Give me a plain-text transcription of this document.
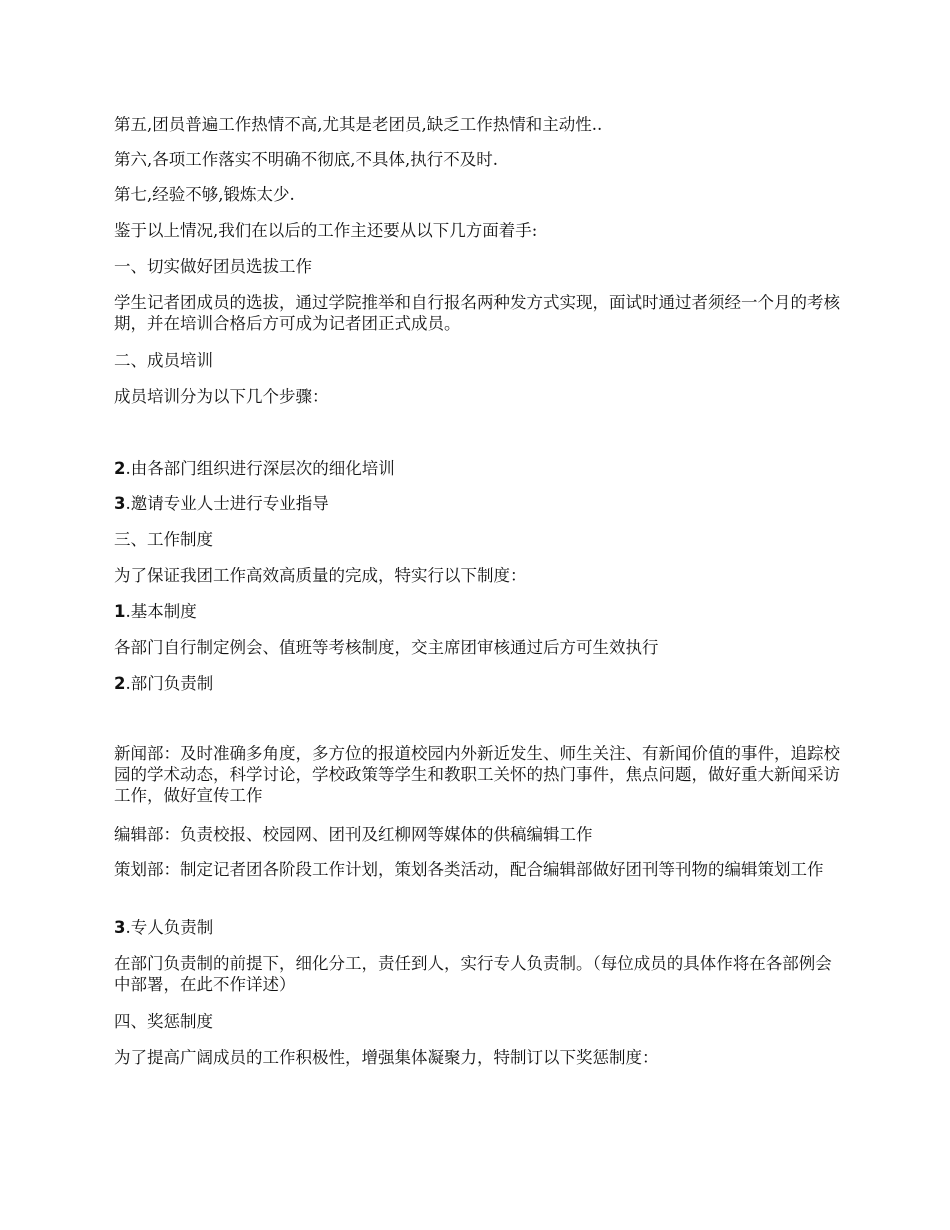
第五,团员普遍工作热情不高,尤其是老团员,缺乏工作热情和主动性..
第六,各项工作落实不明确不彻底,不具体,执行不及时.
第七,经验不够,锻炼太少.
鉴于以上情况,我们在以后的工作主还要从以下几方面着手:
一、切实做好团员选拔工作
学生记者团成员的选拔，通过学院推举和自行报名两种发方式实现，面试时通过者须经一个月的考核期，并在培训合格后方可成为记者团正式成员。
二、成员培训
成员培训分为以下几个步骤：
2.由各部门组织进行深层次的细化培训
3.邀请专业人士进行专业指导
三、工作制度
为了保证我团工作高效高质量的完成，特实行以下制度：
1.基本制度
各部门自行制定例会、值班等考核制度，交主席团审核通过后方可生效执行
2.部门负责制
新闻部：及时准确多角度，多方位的报道校园内外新近发生、师生关注、有新闻价值的事件，追踪校园的学术动态，科学讨论，学校政策等学生和教职工关怀的热门事件，焦点问题，做好重大新闻采访工作，做好宣传工作
编辑部：负责校报、校园网、团刊及红柳网等媒体的供稿编辑工作
策划部：制定记者团各阶段工作计划，策划各类活动，配合编辑部做好团刊等刊物的编辑策划工作
3.专人负责制
在部门负责制的前提下，细化分工，责任到人，实行专人负责制。（每位成员的具体作将在各部例会中部署，在此不作详述）
四、奖惩制度
为了提高广阔成员的工作积极性，增强集体凝聚力，特制订以下奖惩制度：
